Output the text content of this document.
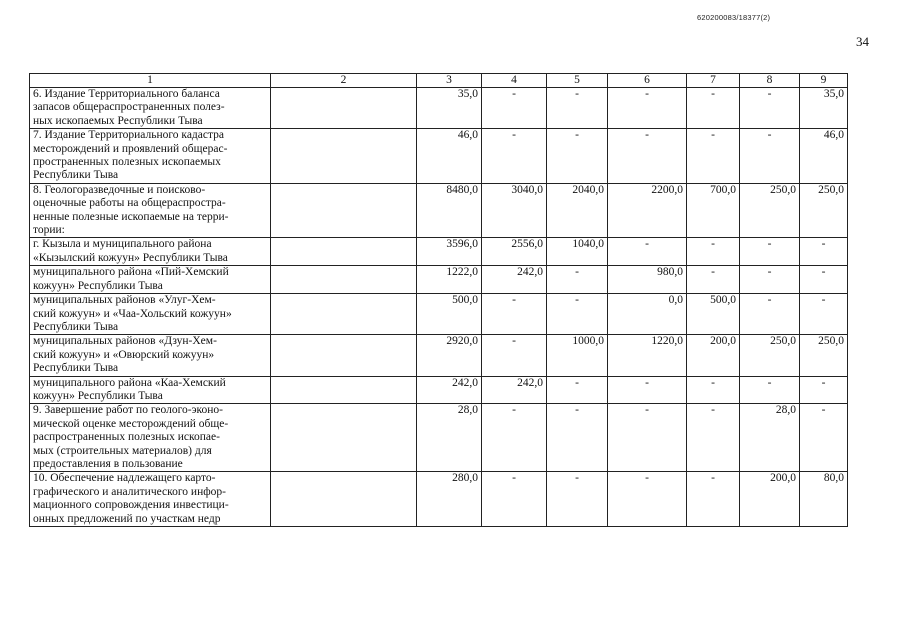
620200083/18377(2)
34
1	2	3	4	5	6	7	8	9

6. Издание Территориального баланса
запасов общераспространенных полез-
ных ископаемых Республики Тыва		35,0	-	-	-	-	-	35,0

7. Издание Территориального кадастра
месторождений и проявлений общерас-
пространенных полезных ископаемых
Республики Тыва		46,0	-	-	-	-	-	46,0

8. Геологоразведочные и поисково-
оценочные работы на общераспростра-
ненные полезные ископаемые на терри-
тории:		8480,0	3040,0	2040,0	2200,0	700,0	250,0	250,0

г. Кызыла и муниципального района
«Кызылский кожуун» Республики Тыва		3596,0	2556,0	1040,0	-	-	-	-

муниципального района «Пий-Хемский
кожуун» Республики Тыва		1222,0	242,0	-	980,0	-	-	-

муниципальных районов «Улуг-Хем-
ский кожуун» и «Чаа-Хольский кожуун»
Республики Тыва		500,0	-	-	0,0	500,0	-	-

муниципальных районов «Дзун-Хем-
ский кожуун» и «Овюрский кожуун»
Республики Тыва		2920,0	-	1000,0	1220,0	200,0	250,0	250,0

муниципального района «Каа-Хемский
кожуун» Республики Тыва		242,0	242,0	-	-	-	-	-

9. Завершение работ по геолого-эконо-
мической оценке месторождений обще-
распространенных полезных ископае-
мых (строительных материалов) для
предоставления в пользование		28,0	-	-	-	-	28,0	-

10. Обеспечение надлежащего карто-
графического и аналитического инфор-
мационного сопровождения инвестици-
онных предложений по участкам недр		280,0	-	-	-	-	200,0	80,0
